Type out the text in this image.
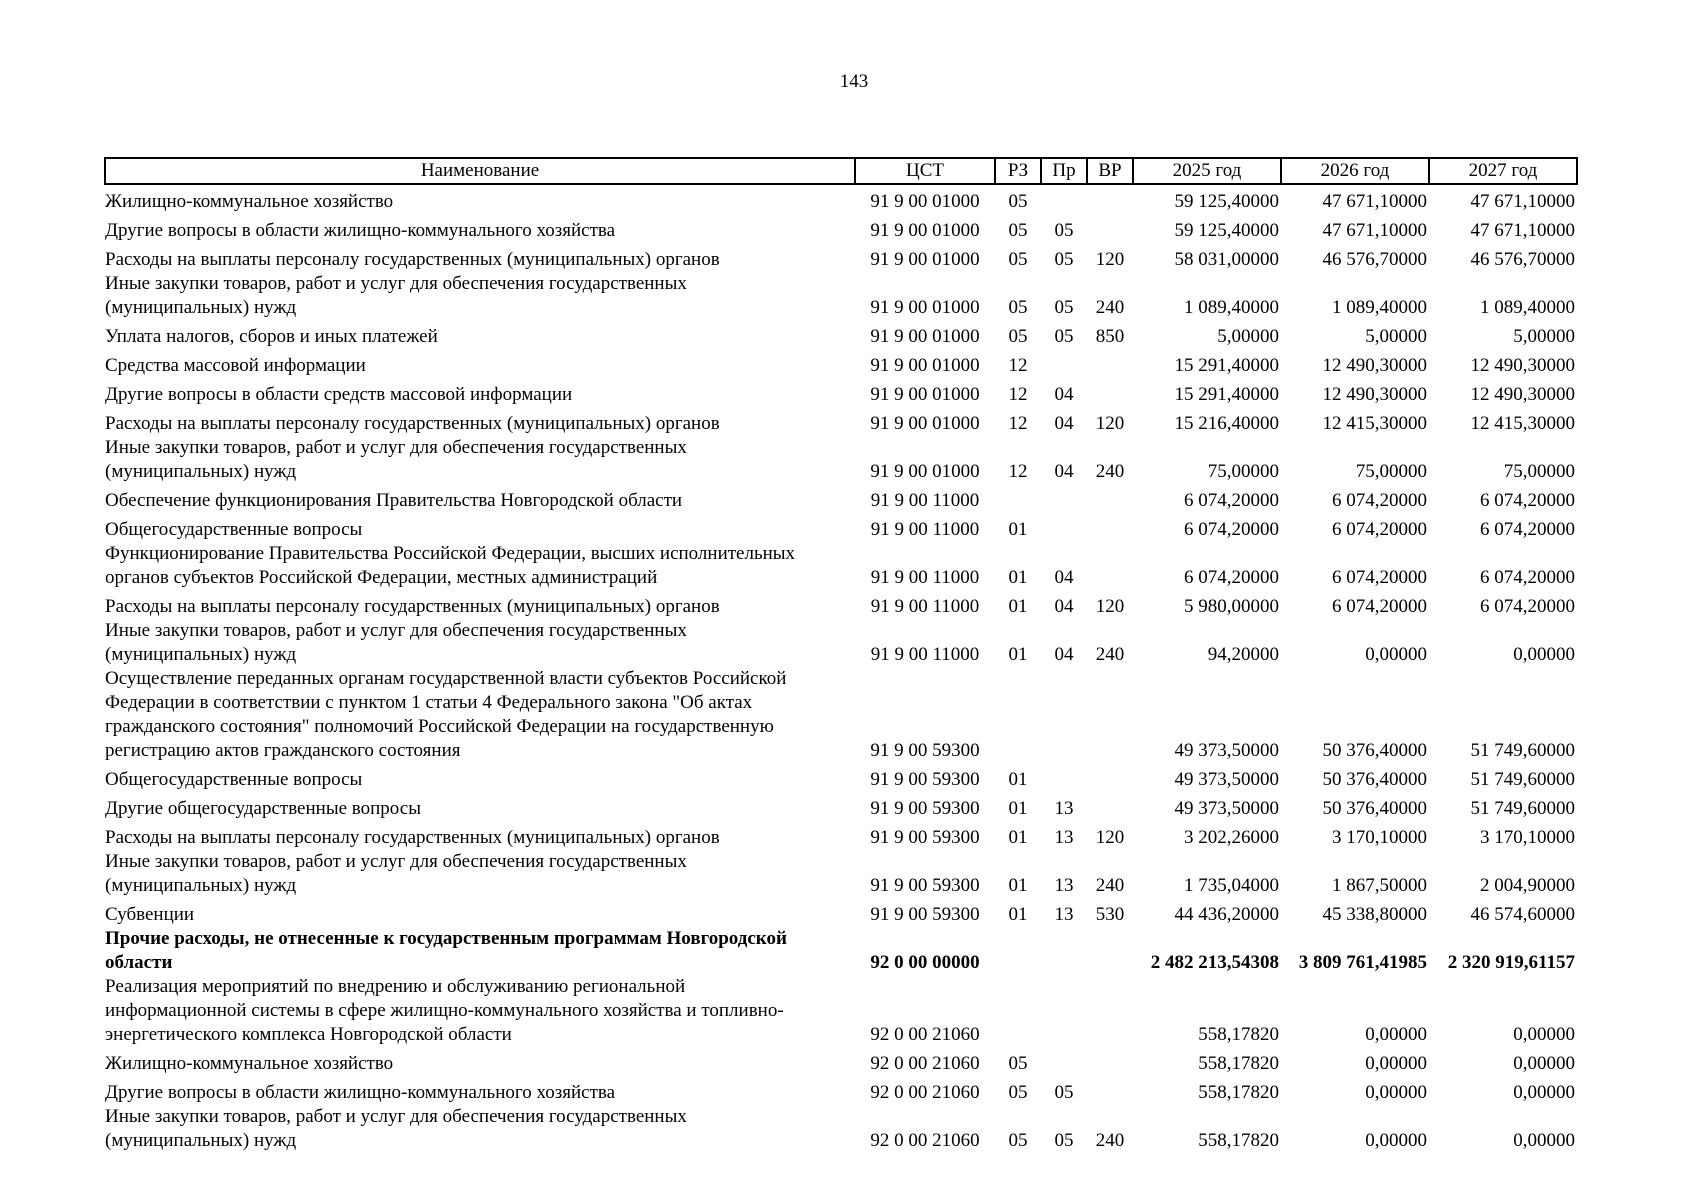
143
Наименование	ЦСТ	РЗ	Пр	ВР	2025 год	2026 год	2027 год
Жилищно-коммунальное хозяйство	91 9 00 01000	05			59 125,40000	47 671,10000	47 671,10000
Другие вопросы в области жилищно-коммунального хозяйства	91 9 00 01000	05	05		59 125,40000	47 671,10000	47 671,10000
Расходы на выплаты персоналу государственных (муниципальных) органов	91 9 00 01000	05	05	120	58 031,00000	46 576,70000	46 576,70000
Иные закупки товаров, работ и услуг для обеспечения государственных
(муниципальных) нужд	91 9 00 01000	05	05	240	1 089,40000	1 089,40000	1 089,40000
Уплата налогов, сборов и иных платежей	91 9 00 01000	05	05	850	5,00000	5,00000	5,00000
Средства массовой информации	91 9 00 01000	12			15 291,40000	12 490,30000	12 490,30000
Другие вопросы в области средств массовой информации	91 9 00 01000	12	04		15 291,40000	12 490,30000	12 490,30000
Расходы на выплаты персоналу государственных (муниципальных) органов	91 9 00 01000	12	04	120	15 216,40000	12 415,30000	12 415,30000
Иные закупки товаров, работ и услуг для обеспечения государственных
(муниципальных) нужд	91 9 00 01000	12	04	240	75,00000	75,00000	75,00000
Обеспечение функционирования Правительства Новгородской области	91 9 00 11000				6 074,20000	6 074,20000	6 074,20000
Общегосударственные вопросы	91 9 00 11000	01			6 074,20000	6 074,20000	6 074,20000
Функционирование Правительства Российской Федерации, высших исполнительных
органов субъектов Российской Федерации, местных администраций	91 9 00 11000	01	04		6 074,20000	6 074,20000	6 074,20000
Расходы на выплаты персоналу государственных (муниципальных) органов	91 9 00 11000	01	04	120	5 980,00000	6 074,20000	6 074,20000
Иные закупки товаров, работ и услуг для обеспечения государственных
(муниципальных) нужд	91 9 00 11000	01	04	240	94,20000	0,00000	0,00000
Осуществление переданных органам государственной власти субъектов Российской
Федерации в соответствии с пунктом 1 статьи 4 Федерального закона "Об актах
гражданского состояния" полномочий Российской Федерации на государственную
регистрацию актов гражданского состояния	91 9 00 59300				49 373,50000	50 376,40000	51 749,60000
Общегосударственные вопросы	91 9 00 59300	01			49 373,50000	50 376,40000	51 749,60000
Другие общегосударственные вопросы	91 9 00 59300	01	13		49 373,50000	50 376,40000	51 749,60000
Расходы на выплаты персоналу государственных (муниципальных) органов	91 9 00 59300	01	13	120	3 202,26000	3 170,10000	3 170,10000
Иные закупки товаров, работ и услуг для обеспечения государственных
(муниципальных) нужд	91 9 00 59300	01	13	240	1 735,04000	1 867,50000	2 004,90000
Субвенции	91 9 00 59300	01	13	530	44 436,20000	45 338,80000	46 574,60000
Прочие расходы, не отнесенные к государственным программам Новгородской
области	92 0 00 00000				2 482 213,54308	3 809 761,41985	2 320 919,61157
Реализация мероприятий по внедрению и обслуживанию региональной
информационной системы в сфере жилищно-коммунального хозяйства и топливно-
энергетического комплекса Новгородской области	92 0 00 21060				558,17820	0,00000	0,00000
Жилищно-коммунальное хозяйство	92 0 00 21060	05			558,17820	0,00000	0,00000
Другие вопросы в области жилищно-коммунального хозяйства	92 0 00 21060	05	05		558,17820	0,00000	0,00000
Иные закупки товаров, работ и услуг для обеспечения государственных
(муниципальных) нужд	92 0 00 21060	05	05	240	558,17820	0,00000	0,00000
